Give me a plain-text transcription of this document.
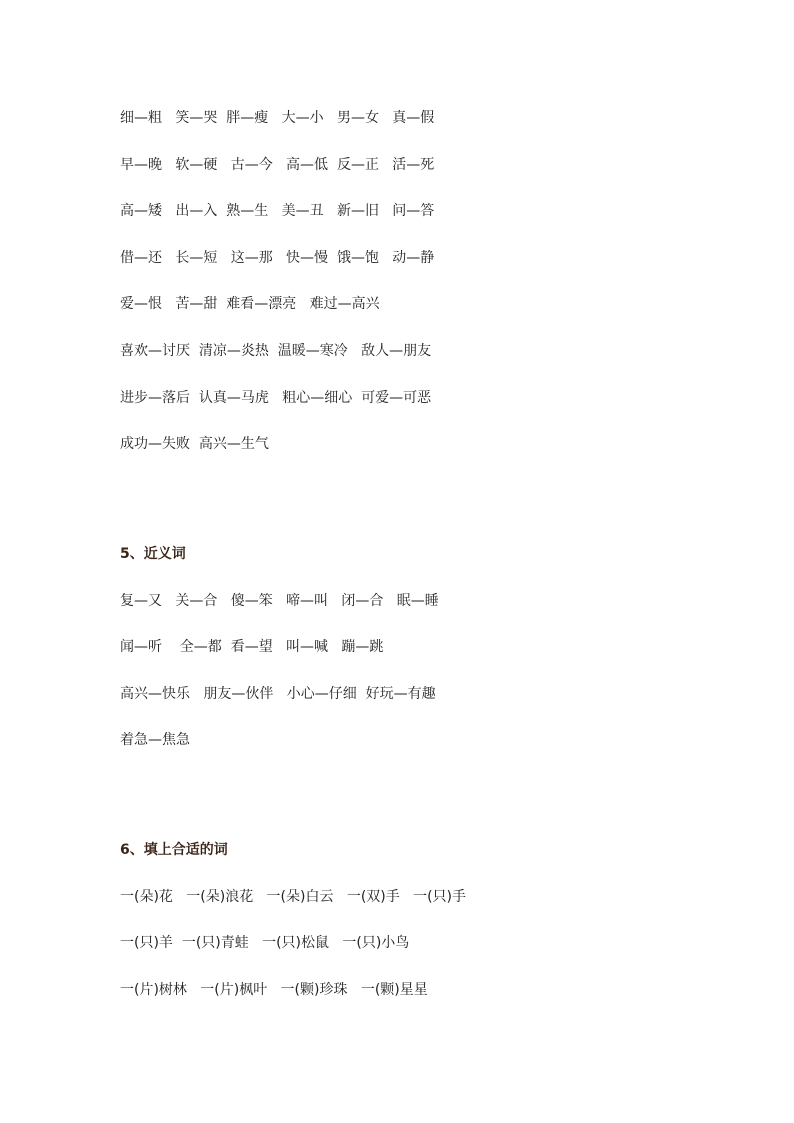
细—粗   笑—哭  胖—瘦   大—小   男—女   真—假
早—晚   软—硬   古—今   高—低  反—正   活—死
高—矮   出—入  熟—生   美—丑   新—旧   问—答
借—还   长—短   这—那   快—慢  饿—饱   动—静
爱—恨   苦—甜  难看—漂亮   难过—高兴
喜欢—讨厌  清凉—炎热  温暖—寒冷   敌人—朋友
进步—落后  认真—马虎   粗心—细心  可爱—可恶
成功—失败  高兴—生气
5、近义词
复—又   关—合   傻—笨   啼—叫   闭—合   眠—睡
闻—听    全—都  看—望   叫—喊   蹦—跳
高兴—快乐   朋友—伙伴   小心—仔细  好玩—有趣
着急—焦急
6、填上合适的词
一(朵)花   一(朵)浪花   一(朵)白云   一(双)手   一(只)手
一(只)羊  一(只)青蛙   一(只)松鼠   一(只)小鸟
一(片)树林   一(片)枫叶   一(颗)珍珠   一(颗)星星
